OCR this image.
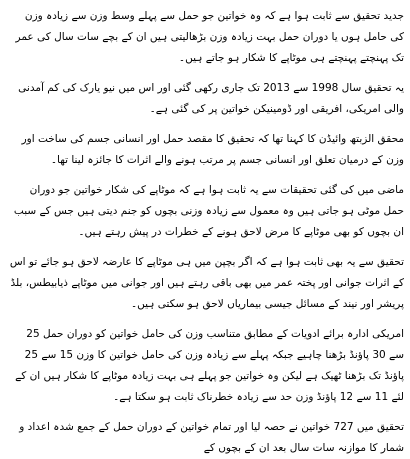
جدید تحقیق سے ثابت ہوا ہے کہ وہ خواتین جو حمل سے پہلے وسط وزن سے زیادہ وزن کی حامل ہوں یا دوران حمل بہت زیادہ وزن بڑھالیتی ہیں ان کے بچے سات سال کی عمر تک پہنچتے پہنچتے ہی موٹاپے کا شکار ہو جاتے ہیں۔

یہ تحقیق سال 1998 سے 2013 تک جاری رکھی گئی اور اس میں نیو یارک کی کم آمدنی والی امریکی، افریقی اور ڈومینیکن خواتین پر کی گئی ہے۔

محقق الزبتھ وائیڈن کا کہنا تھا کہ تحقیق کا مقصد حمل اور انسانی جسم کی ساخت اور وزن کے درمیان تعلق اور انسانی جسم پر مرتب ہونے والے اثرات کا جائزہ لینا تھا۔

ماضی میں کی گئی تحقیقات سے یہ ثابت ہوا ہے کہ موٹاپے کی شکار خواتین جو دوران حمل موٹی ہو جاتی ہیں وہ معمول سے زیادہ وزنی بچوں کو جنم دیتی ہیں جس کے سبب ان بچوں کو بھی موٹاپے کا مرض لاحق ہونے کے خطرات در پیش رہتے ہیں۔

تحقیق سے یہ بھی ثابت ہوا ہے کہ اگر بچپن میں ہی موٹاپے کا عارضہ لاحق ہو جائے تو اس کے اثرات جوانی اور پختہ عمر میں بھی باقی رہتے ہیں اور جوانی میں موٹاپے ذیابیطس، بلڈ پریشر اور نیند کے مسائل جیسی بیماریاں لاحق ہو سکتی ہیں۔

امریکی ادارہ برائے ادویات کے مطابق متناسب وزن کی حامل خواتین کو دوران حمل 25 سے 30 پاؤنڈ بڑھنا چاہیے جبکہ پہلے سے زیادہ وزن کی حامل خواتین کا وزن 15 سے 25 پاؤنڈ تک بڑھنا ٹھیک ہے لیکن وہ خواتین جو پہلے ہی بہت زیادہ موٹاپے کا شکار ہیں ان کے لئے 11 سے 12 پاؤنڈ وزن حد سے زیادہ خطرناک ثابت ہو سکتا ہے۔

تحقیق میں 727 خواتین نے حصہ لیا اور تمام خواتین کے دوران حمل کے جمع شدہ اعداد و شمار کا موازنہ سات سال بعد ان کے بچوں کے
